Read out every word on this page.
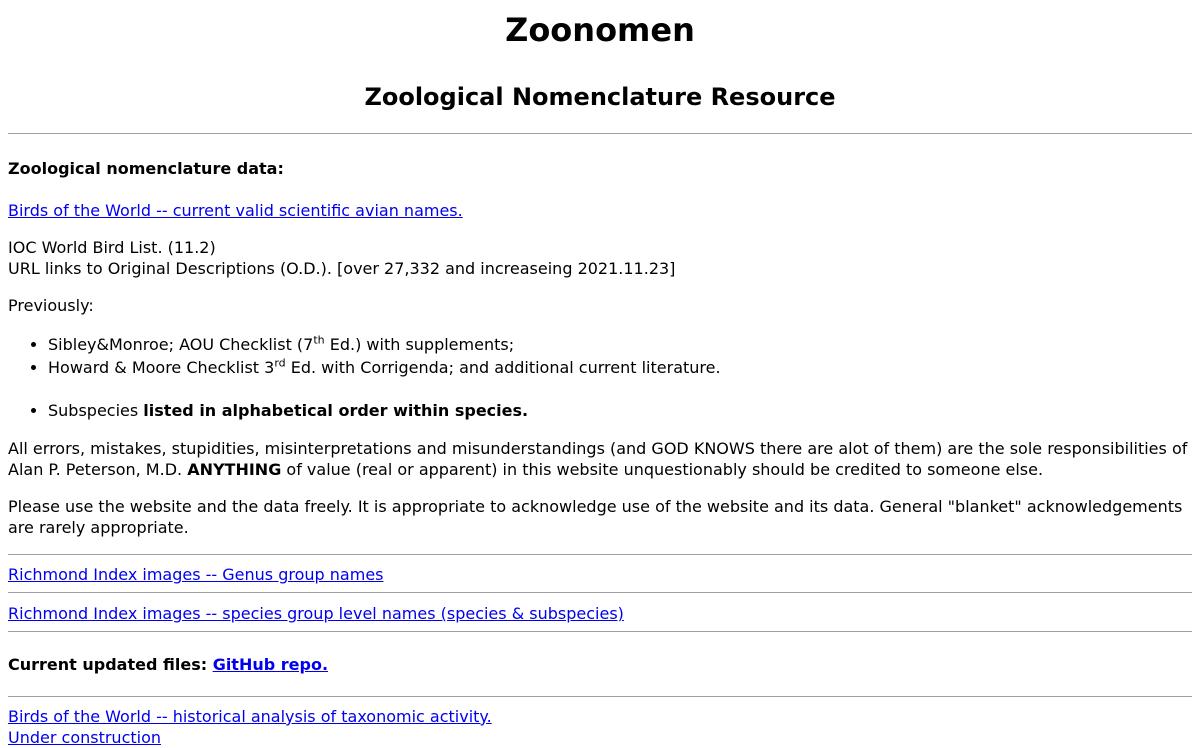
Zoonomen
Zoological Nomenclature Resource

Zoological nomenclature data:

Birds of the World -- current valid scientific avian names.

IOC World Bird List. (11.2)
URL links to Original Descriptions (O.D.). [over 27,332 and increaseing 2021.11.23]

Previously:

• Sibley&Monroe; AOU Checklist (7th Ed.) with supplements;
• Howard & Moore Checklist 3rd Ed. with Corrigenda; and additional current literature.
• Subspecies listed in alphabetical order within species.

All errors, mistakes, stupidities, misinterpretations and misunderstandings (and GOD KNOWS there are alot of them) are the sole responsibilities of Alan P. Peterson, M.D. ANYTHING of value (real or apparent) in this website unquestionably should be credited to someone else.

Please use the website and the data freely. It is appropriate to acknowledge use of the website and its data. General "blanket" acknowledgements are rarely appropriate.

Richmond Index images -- Genus group names

Richmond Index images -- species group level names (species & subspecies)

Current updated files: GitHub repo.

Birds of the World -- historical analysis of taxonomic activity.
Under construction
